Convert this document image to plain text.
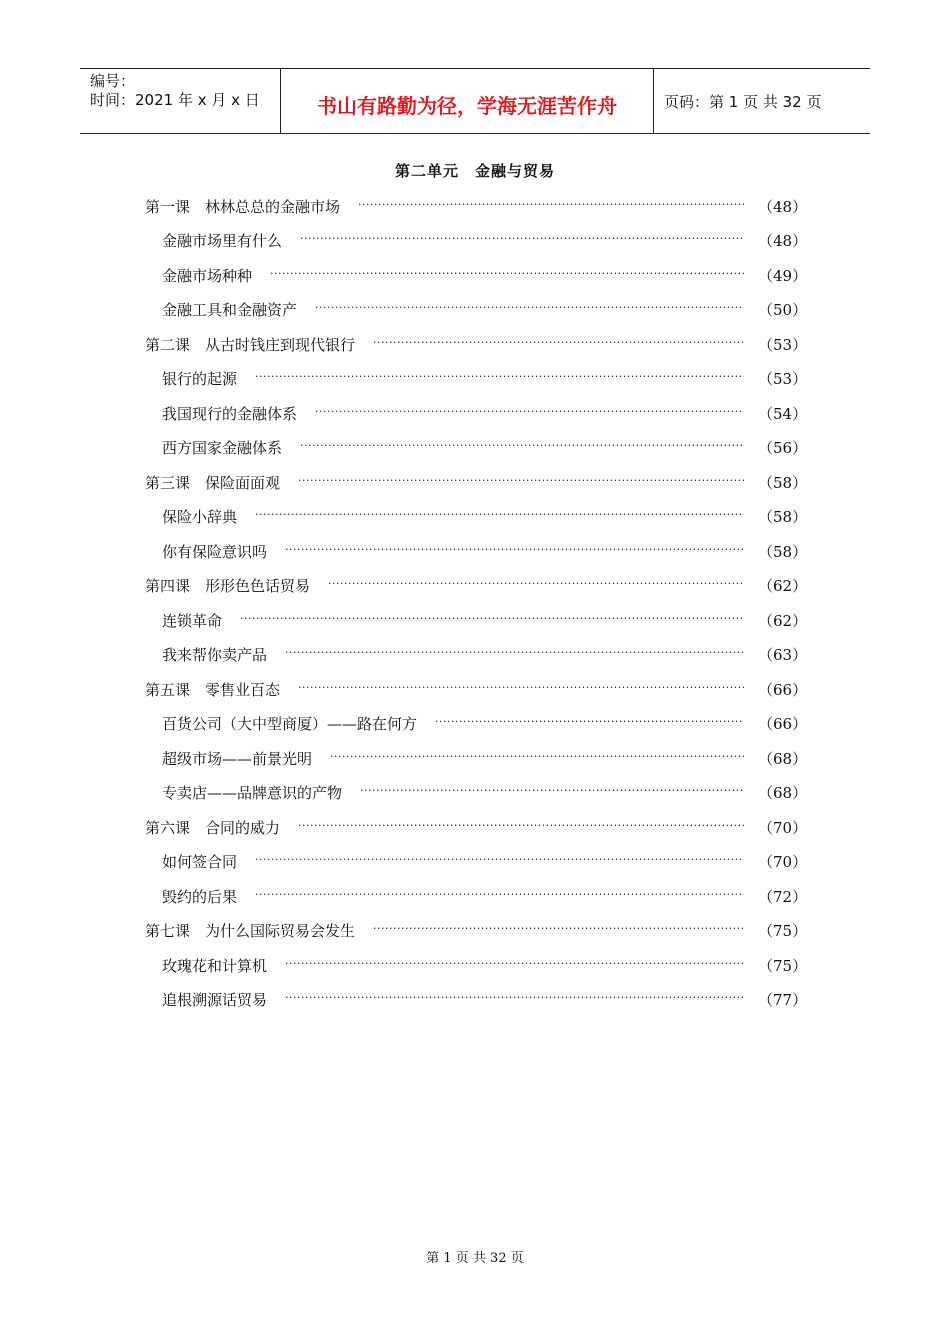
编号：
时间：2021 年 x 月 x 日	书山有路勤为径，学海无涯苦作舟	页码：第 1 页 共 32 页
第二单元　金融与贸易
第一课　林林总总的金融市场 ·····	（48）
金融市场里有什么 ·····	（48）
金融市场种种 ·····	（49）
金融工具和金融资产 ·····	（50）
第二课　从古时钱庄到现代银行 ·····	（53）
银行的起源 ·····	（53）
我国现行的金融体系 ·····	（54）
西方国家金融体系 ·····	（56）
第三课　保险面面观 ·····	（58）
保险小辞典 ·····	（58）
你有保险意识吗 ·····	（58）
第四课　形形色色话贸易 ·····	（62）
连锁革命 ·····	（62）
我来帮你卖产品 ·····	（63）
第五课　零售业百态 ·····	（66）
百货公司（大中型商厦）——路在何方 ·····	（66）
超级市场——前景光明 ·····	（68）
专卖店——品牌意识的产物 ·····	（68）
第六课　合同的威力 ·····	（70）
如何签合同 ·····	（70）
毁约的后果 ·····	（72）
第七课　为什么国际贸易会发生 ·····	（75）
玫瑰花和计算机 ·····	（75）
追根溯源话贸易 ·····	（77）
第 1 页 共 32 页
